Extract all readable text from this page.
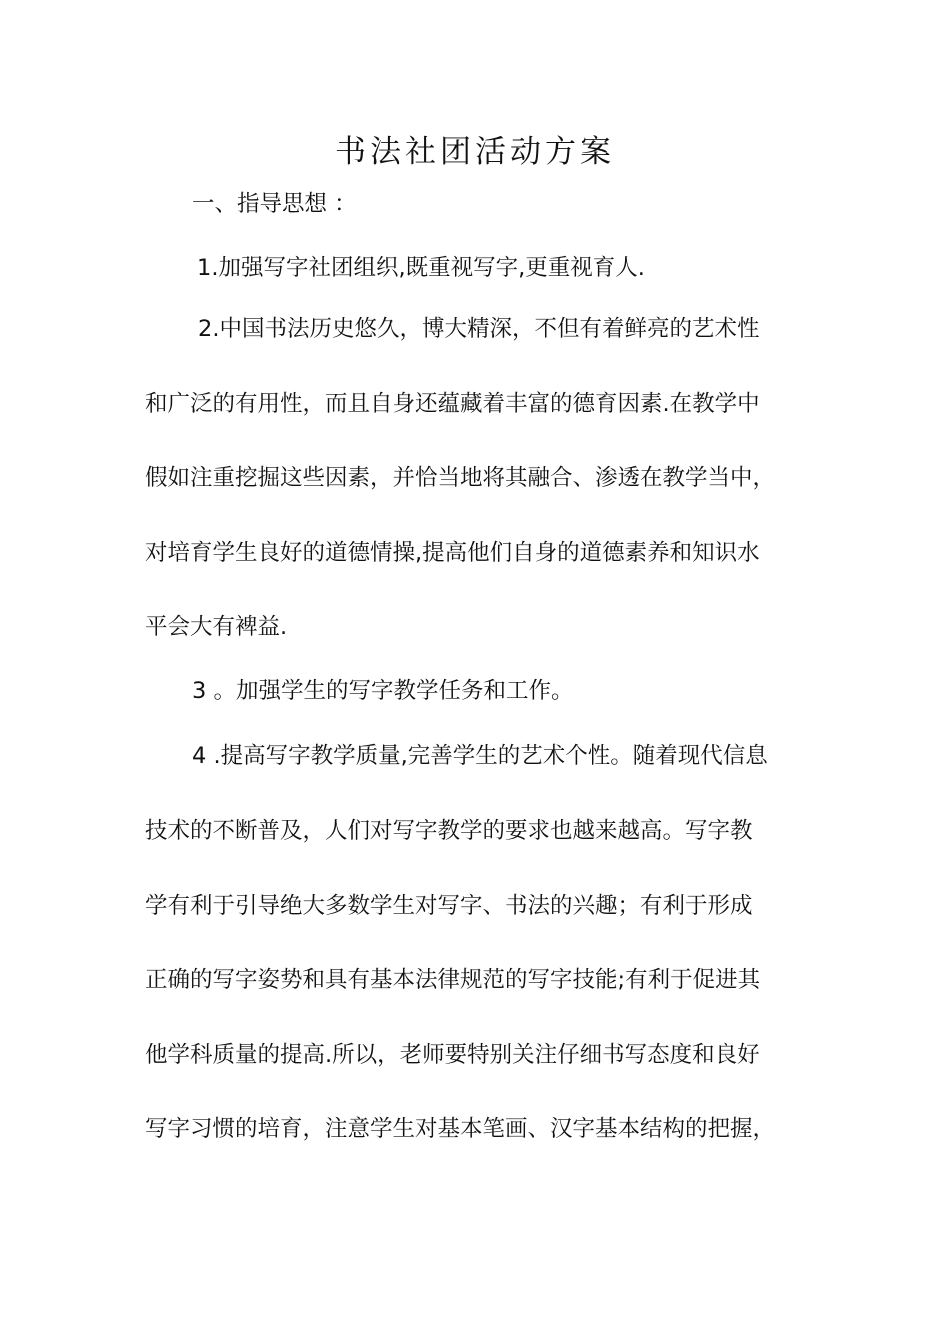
书法社团活动方案
一、指导思想 ：
1.加强写字社团组织,既重视写字,更重视育人.
2.中国书法历史悠久，博大精深，不但有着鲜亮的艺术性
和广泛的有用性，而且自身还蕴藏着丰富的德育因素.在教学中
假如注重挖掘这些因素，并恰当地将其融合、渗透在教学当中，
对培育学生良好的道德情操,提高他们自身的道德素养和知识水
平会大有裨益.
3 。加强学生的写字教学任务和工作。
4 .提高写字教学质量,完善学生的艺术个性。随着现代信息
技术的不断普及，人们对写字教学的要求也越来越高。写字教
学有利于引导绝大多数学生对写字、书法的兴趣；有利于形成
正确的写字姿势和具有基本法律规范的写字技能;有利于促进其
他学科质量的提高.所以，老师要特别关注仔细书写态度和良好
写字习惯的培育，注意学生对基本笔画、汉字基本结构的把握，
